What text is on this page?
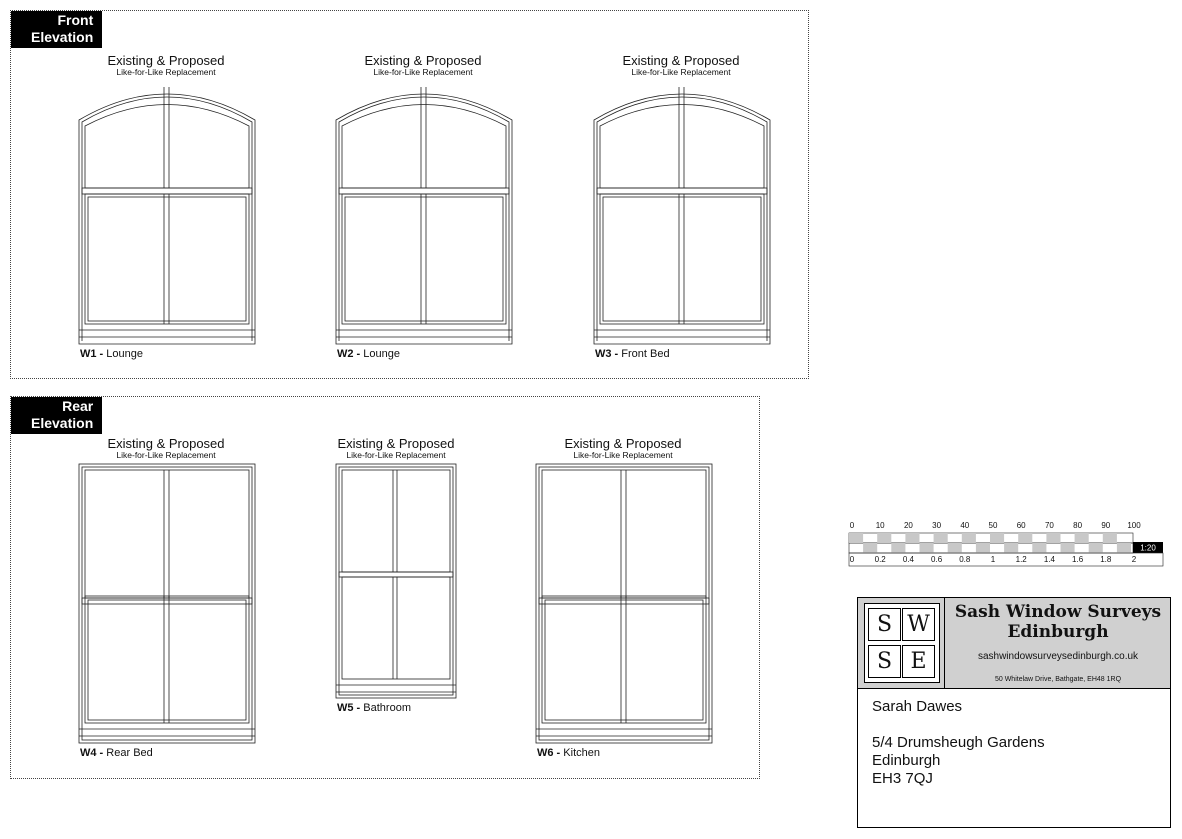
Front
Elevation
Existing & Proposed
Like-for-Like Replacement
W1 - Lounge
Existing & Proposed
Like-for-Like Replacement
W2 - Lounge
Existing & Proposed
Like-for-Like Replacement
W3 - Front Bed
Rear
Elevation
Existing & Proposed
Like-for-Like Replacement
W4 - Rear Bed
Existing & Proposed
Like-for-Like Replacement
W5 - Bathroom
Existing & Proposed
Like-for-Like Replacement
W6 - Kitchen
0	10 20 30 40 50 60 70 80 90 100
1:20
0	0.2 0.4 0.6 0.8	1	1.2 1.4 1.6 1.8	2
S W
S E
Sash Window Surveys
Edinburgh
sashwindowsurveysedinburgh.co.uk
50 Whitelaw Drive, Bathgate, EH48 1RQ
Sarah Dawes
5/4 Drumsheugh Gardens
Edinburgh
EH3 7QJ
